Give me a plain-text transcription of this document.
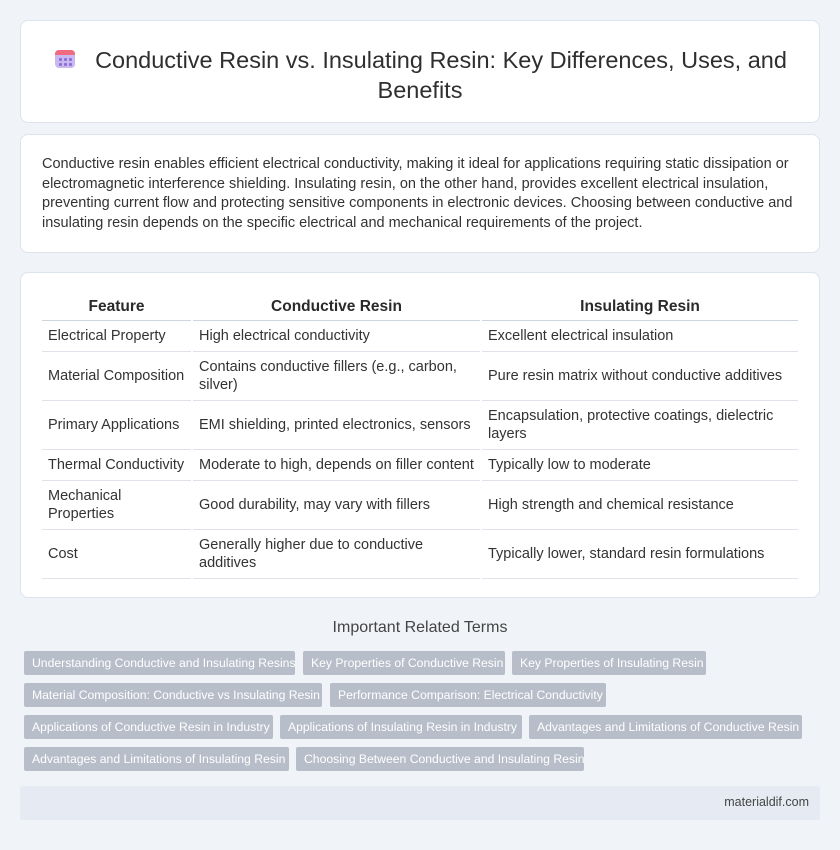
Conductive Resin vs. Insulating Resin: Key Differences, Uses, and Benefits

Conductive resin enables efficient electrical conductivity, making it ideal for applications requiring static dissipation or electromagnetic interference shielding. Insulating resin, on the other hand, provides excellent electrical insulation, preventing current flow and protecting sensitive components in electronic devices. Choosing between conductive and insulating resin depends on the specific electrical and mechanical requirements of the project.

Feature	Conductive Resin	Insulating Resin
Electrical Property	High electrical conductivity	Excellent electrical insulation
Material Composition	Contains conductive fillers (e.g., carbon, silver)	Pure resin matrix without conductive additives
Primary Applications	EMI shielding, printed electronics, sensors	Encapsulation, protective coatings, dielectric layers
Thermal Conductivity	Moderate to high, depends on filler content	Typically low to moderate
Mechanical Properties	Good durability, may vary with fillers	High strength and chemical resistance
Cost	Generally higher due to conductive additives	Typically lower, standard resin formulations
Important Related Terms
Understanding Conductive and Insulating Resins	Key Properties of Conductive Resin	Key Properties of Insulating Resin
Material Composition: Conductive vs Insulating Resin	Performance Comparison: Electrical Conductivity
Applications of Conductive Resin in Industry	Applications of Insulating Resin in Industry	Advantages and Limitations of Conductive Resin
Advantages and Limitations of Insulating Resin	Choosing Between Conductive and Insulating Resin
materialdif.com
